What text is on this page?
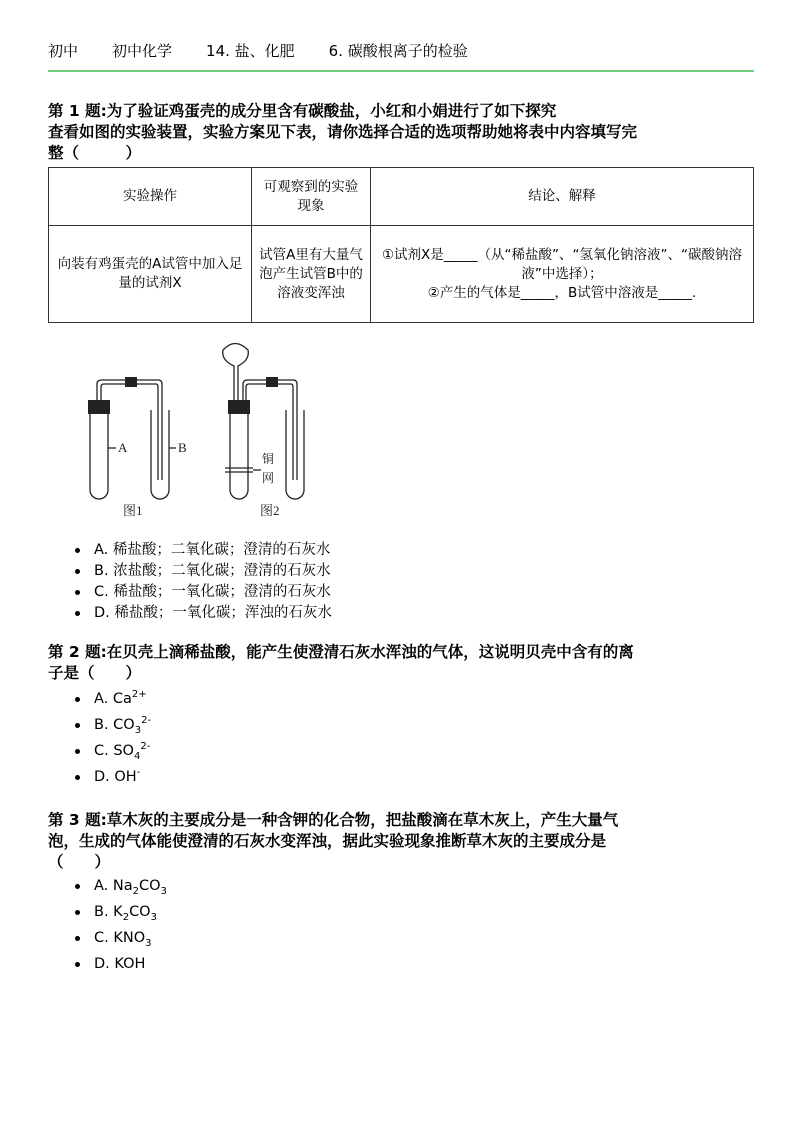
初中 初中化学 14. 盐、化肥 6. 碳酸根离子的检验
第 1 题:为了验证鸡蛋壳的成分里含有碳酸盐，小红和小娟进行了如下探究
查看如图的实验装置，实验方案见下表，请你选择合适的选项帮助她将表中内容填写完
整（　　　）
实验操作	可观察到的实验现象	结论、解释
向装有鸡蛋壳的A试管中加入足量的试剂X	试管A里有大量气泡产生试管B中的溶液变浑浊	①试剂X是_____（从“稀盐酸”、“氢氧化钠溶液”、“碳酸钠溶液”中选择）；
②产生的气体是_____，B试管中溶液是_____.
A	B
铜
网
图1	图2
A. 稀盐酸；二氧化碳；澄清的石灰水
B. 浓盐酸；二氧化碳；澄清的石灰水
C. 稀盐酸；一氧化碳；澄清的石灰水
D. 稀盐酸；一氧化碳；浑浊的石灰水
第 2 题:在贝壳上滴稀盐酸，能产生使澄清石灰水浑浊的气体，这说明贝壳中含有的离
子是（　　）
A. $Ca^{2+}$
B. $CO_3^{2-}$
C. $SO_4^{2-}$
D. OH-
第 3 题:草木灰的主要成分是一种含钾的化合物，把盐酸滴在草木灰上，产生大量气
泡，生成的气体能使澄清的石灰水变浑浊，据此实验现象推断草木灰的主要成分是
（　　）
A. $Na_2CO_3$
B. $K_2CO_3$
C. $KNO_3$
D. KOH
